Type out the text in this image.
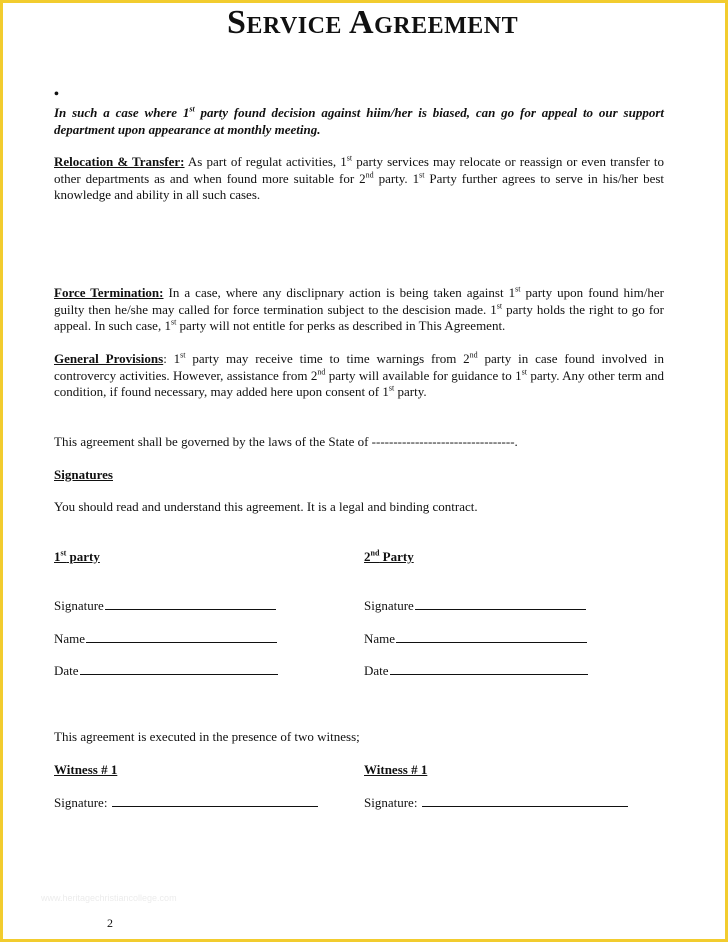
Service Agreement
•
In such a case where 1st party found decision against hiim/her is biased, can go for appeal to our support department upon appearance at monthly meeting.
Relocation & Transfer: As part of regulat activities, 1st party services may relocate or reassign or even transfer to other departments as and when found more suitable for 2nd party. 1st Party further agrees to serve in his/her best knowledge and ability in all such cases.
Force Termination: In a case, where any disclipnary action is being taken against 1st party upon found him/her guilty then he/she may called for force termination subject to the descision made. 1st party holds the right to go for appeal. In such case, 1st party will not entitle for perks as described in This Agreement.
General Provisions: 1st party may receive time to time warnings from 2nd party in case found involved in controvercy activities. However, assistance from 2nd party will available for guidance to 1st party. Any other term and condition, if found necessary, may added here upon consent of 1st party.
This agreement shall be governed by the laws of the State of ---------------------------------.
Signatures
You should read and understand this agreement. It is a legal and binding contract.
1st party	2nd Party
Signature	Signature
Name	Name
Date	Date
This agreement is executed in the presence of two witness;
Witness # 1	Witness # 1
Signature:	Signature:
www.heritagechristiancollege.com
2
